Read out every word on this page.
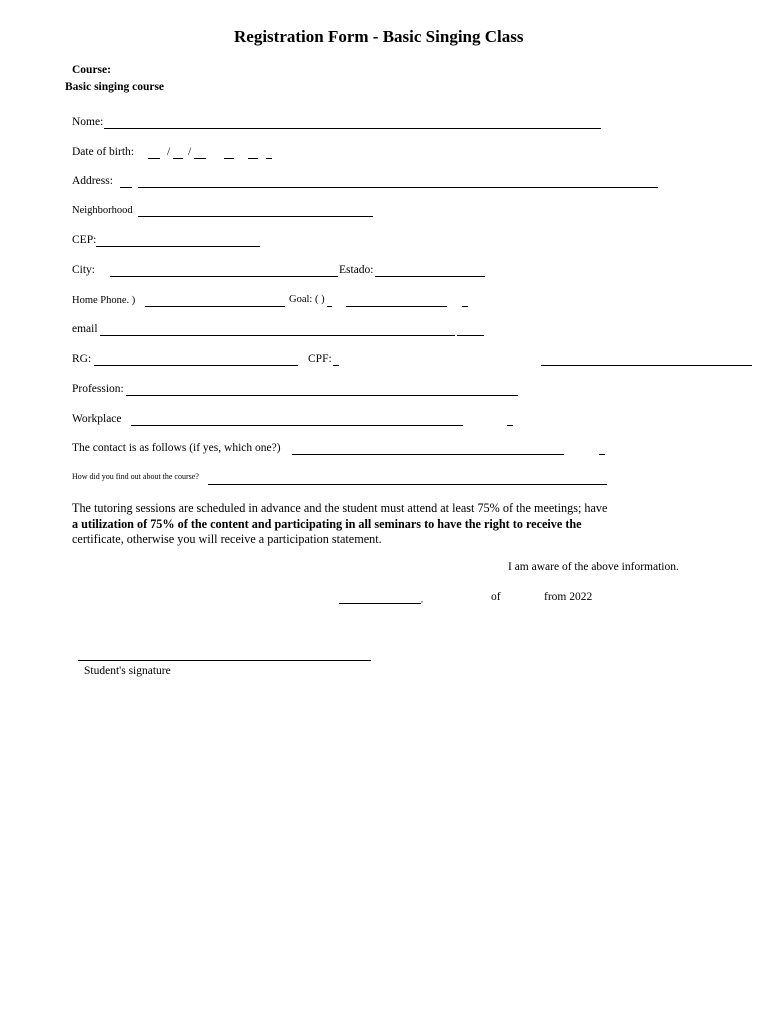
Registration Form - Basic Singing Class
Course:
Basic singing course
Nome:
Date of birth:	/ /
Address:
Neighborhood
CEP:
City:	Estado:
Home Phone. )	Goal: ( )
email
RG:	CPF:
Profession:
Workplace
The contact is as follows (if yes, which one?)
How did you find out about the course?
The tutoring sessions are scheduled in advance and the student must attend at least 75% of the meetings; have
a utilization of 75% of the content and participating in all seminars to have the right to receive the
certificate, otherwise you will receive a participation statement.
I am aware of the above information.
,	of	from 2022
Student's signature
